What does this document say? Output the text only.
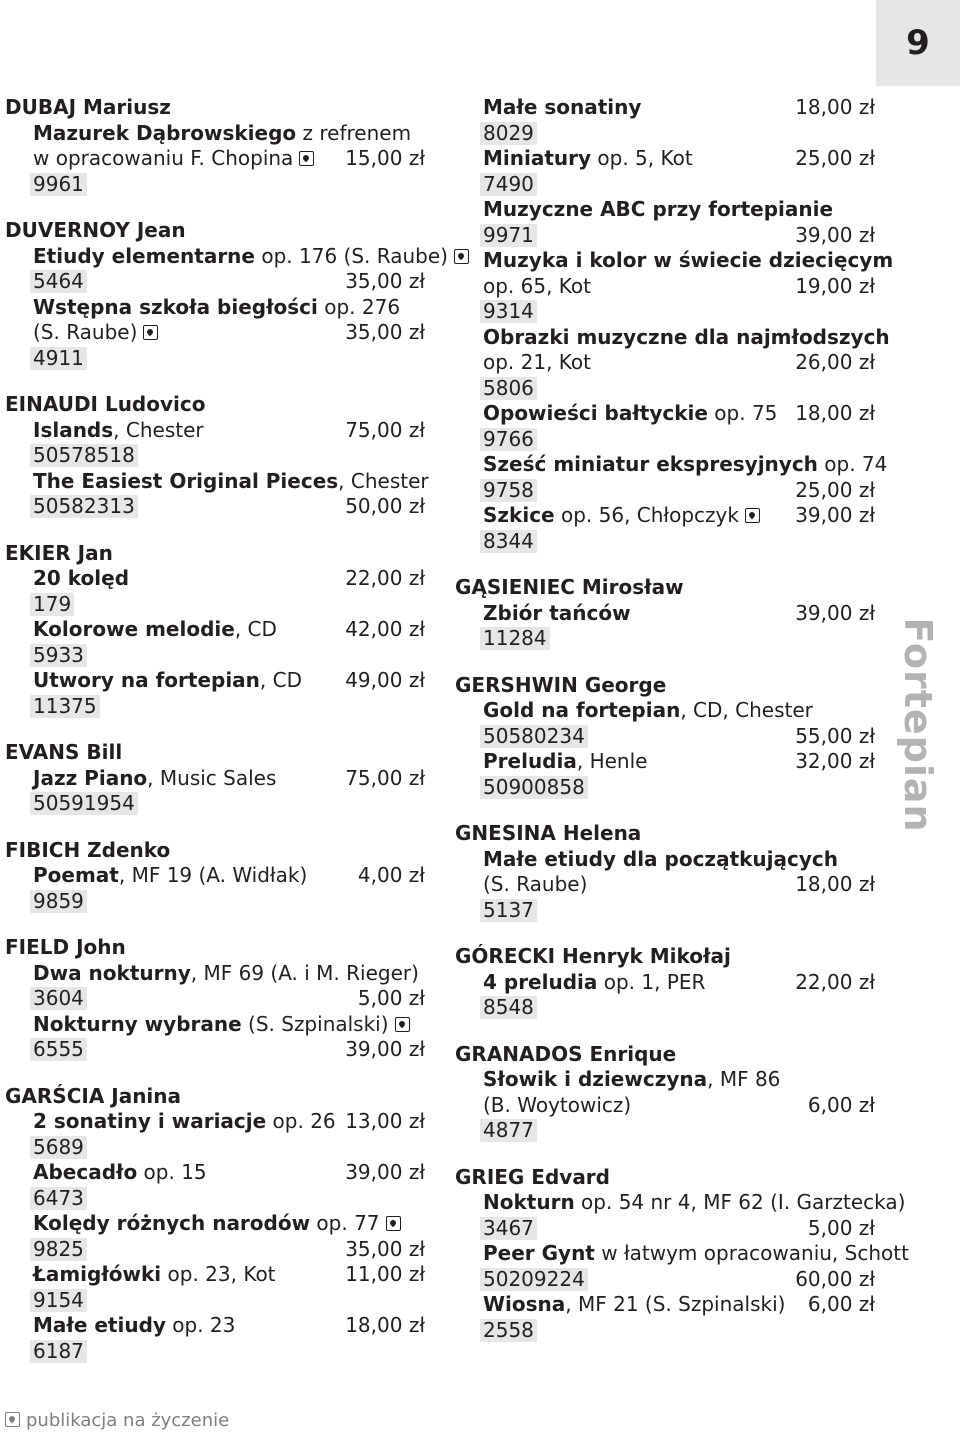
9
Fortepian
DUBAJ Mariusz
Mazurek Dąbrowskiego z refrenem
w opracowaniu F. Chopina	15,00 zł
9961
DUVERNOY Jean
Etiudy elementarne op. 176 (S. Raube)
5464	35,00 zł
Wstępna szkoła biegłości op. 276
(S. Raube)	35,00 zł
4911
EINAUDI Ludovico
Islands, Chester	75,00 zł
50578518
The Easiest Original Pieces, Chester
50582313	50,00 zł
EKIER Jan
20 kolęd	22,00 zł
179
Kolorowe melodie, CD	42,00 zł
5933
Utwory na fortepian, CD 49,00 zł
11375
EVANS Bill
Jazz Piano, Music Sales	75,00 zł
50591954
FIBICH Zdenko
Poemat, MF 19 (A. Widłak)	4,00 zł
9859
FIELD John
Dwa nokturny, MF 69 (A. i M. Rieger)
3604	5,00 zł
Nokturny wybrane (S. Szpinalski)
6555	39,00 zł
GARŚCIA Janina
2 sonatiny i wariacje op. 26 13,00 zł
5689
Abecadło op. 15	39,00 zł
6473
Kolędy różnych narodów op. 77
9825	35,00 zł
Łamigłówki op. 23, Kot	11,00 zł
9154
Małe etiudy op. 23	18,00 zł
6187
Małe sonatiny	18,00 zł
8029
Miniatury op. 5, Kot	25,00 zł
7490
Muzyczne ABC przy fortepianie
9971	39,00 zł
Muzyka i kolor w świecie dziecięcym
op. 65, Kot	19,00 zł
9314
Obrazki muzyczne dla najmłodszych
op. 21, Kot	26,00 zł
5806
Opowieści bałtyckie op. 75 18,00 zł
9766
Sześć miniatur ekspresyjnych op. 74
9758	25,00 zł
Szkice op. 56, Chłopczyk	39,00 zł
8344
GĄSIENIEC Mirosław
Zbiór tańców	39,00 zł
11284
GERSHWIN George
Gold na fortepian, CD, Chester
50580234	55,00 zł
Preludia, Henle	32,00 zł
50900858
GNESINA Helena
Małe etiudy dla początkujących
(S. Raube)	18,00 zł
5137
GÓRECKI Henryk Mikołaj
4 preludia op. 1, PER	22,00 zł
8548
GRANADOS Enrique
Słowik i dziewczyna, MF 86
(B. Woytowicz)	6,00 zł
4877
GRIEG Edvard
Nokturn op. 54 nr 4, MF 62 (I. Garztecka)
3467	5,00 zł
Peer Gynt w łatwym opracowaniu, Schott
50209224	60,00 zł
Wiosna, MF 21 (S. Szpinalski) 6,00 zł
2558
publikacja na życzenie
